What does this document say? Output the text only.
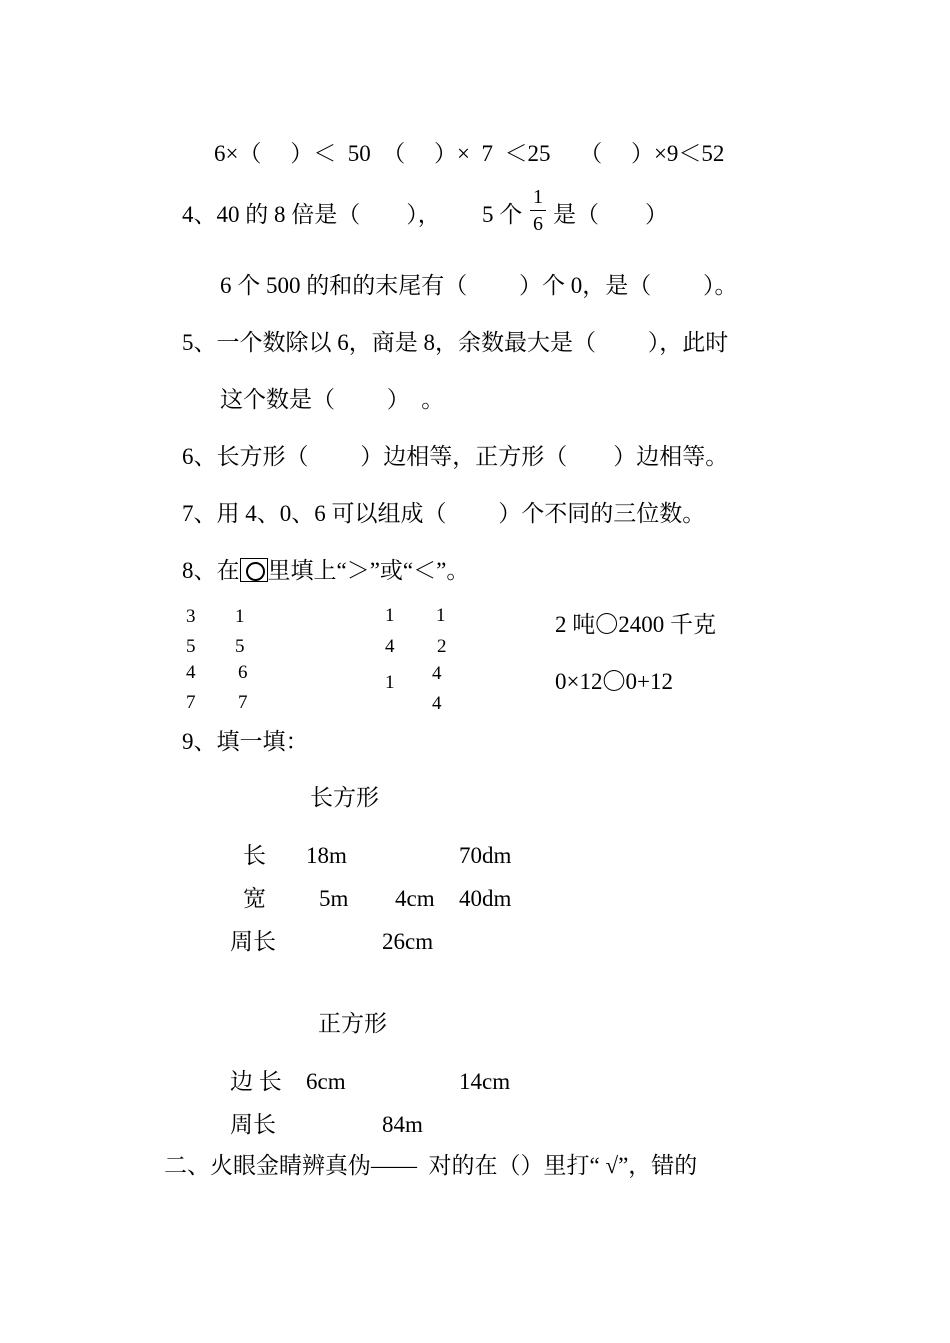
6×（　 ）＜  50  （　 ）×  7  ＜25　 （　 ）×9＜52
4、40 的 8 倍是（　　）， 5 个
1
6 是（　　）
6 个 500 的和的末尾有（　　 ）个 0，是（　　 ）。
5、一个数除以 6，商是 8，余数最大是（　　 ），此时
这个数是（　　 ）　。
6、长方形（　　 ）边相等，正方形（　　）边相等。
7、用 4、0、6 可以组成（　　 ）个不同的三位数。
8、在 里填上“＞”或“＜”。
3 1
5 5
4 6
7 7
1 1
4 2
1 4
4
2 吨〇2400 千克
0×12〇0+12
9、填一填：
长方形
长 18m	70dm
宽 5m 4cm 40dm
周长	26cm
正方形
边 长 6cm	14cm
周长	84m
二、火眼金睛辨真伪——  对的在（）里打“ √”，错的
